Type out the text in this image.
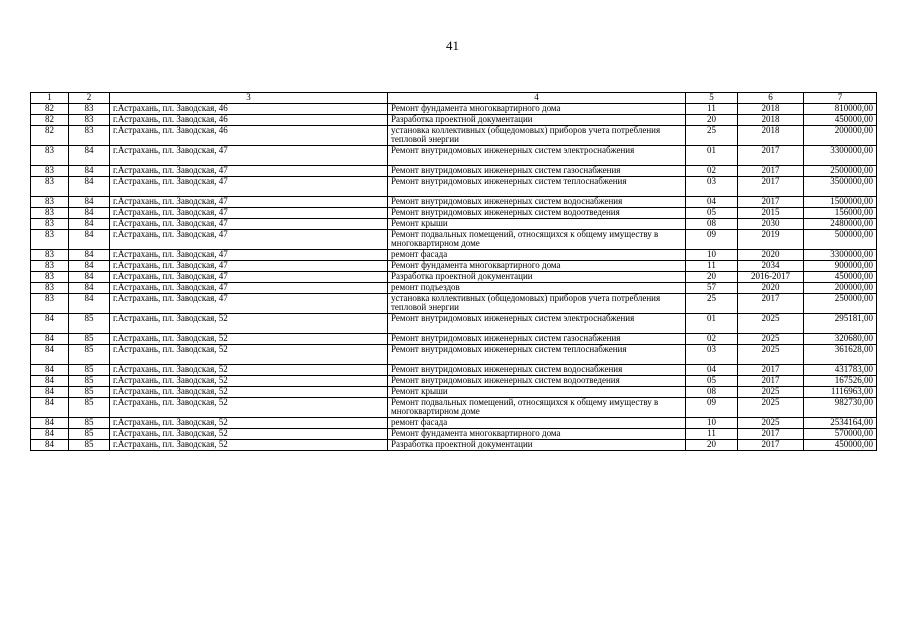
41
1	2	3	4	5	6	7
82	83	г.Астрахань, пл. Заводская, 46	Ремонт фундамента многоквартирного дома	11	2018	810000,00
82	83	г.Астрахань, пл. Заводская, 46	Разработка проектной документации	20	2018	450000,00
82	83	г.Астрахань, пл. Заводская, 46	установка коллективных (общедомовых) приборов учета потребления тепловой энергии	25	2018	200000,00
83	84	г.Астрахань, пл. Заводская, 47	Ремонт внутридомовых инженерных систем электроснабжения	01	2017	3300000,00
83	84	г.Астрахань, пл. Заводская, 47	Ремонт внутридомовых инженерных систем газоснабжения	02	2017	2500000,00
83	84	г.Астрахань, пл. Заводская, 47	Ремонт внутридомовых инженерных систем теплоснабжения	03	2017	3500000,00
83	84	г.Астрахань, пл. Заводская, 47	Ремонт внутридомовых инженерных систем водоснабжения	04	2017	1500000,00
83	84	г.Астрахань, пл. Заводская, 47	Ремонт внутридомовых инженерных систем водоотведения	05	2015	156000,00
83	84	г.Астрахань, пл. Заводская, 47	Ремонт крыши	08	2030	2480000,00
83	84	г.Астрахань, пл. Заводская, 47	Ремонт подвальных помещений, относящихся к общему имуществу в многоквартирном доме	09	2019	500000,00
83	84	г.Астрахань, пл. Заводская, 47	ремонт фасада	10	2020	3300000,00
83	84	г.Астрахань, пл. Заводская, 47	Ремонт фундамента многоквартирного дома	11	2034	900000,00
83	84	г.Астрахань, пл. Заводская, 47	Разработка проектной документации	20	2016-2017	450000,00
83	84	г.Астрахань, пл. Заводская, 47	ремонт подъездов	57	2020	200000,00
83	84	г.Астрахань, пл. Заводская, 47	установка коллективных (общедомовых) приборов учета потребления тепловой энергии	25	2017	250000,00
84	85	г.Астрахань, пл. Заводская, 52	Ремонт внутридомовых инженерных систем электроснабжения	01	2025	295181,00
84	85	г.Астрахань, пл. Заводская, 52	Ремонт внутридомовых инженерных систем газоснабжения	02	2025	320680,00
84	85	г.Астрахань, пл. Заводская, 52	Ремонт внутридомовых инженерных систем теплоснабжения	03	2025	361628,00
84	85	г.Астрахань, пл. Заводская, 52	Ремонт внутридомовых инженерных систем водоснабжения	04	2017	431783,00
84	85	г.Астрахань, пл. Заводская, 52	Ремонт внутридомовых инженерных систем водоотведения	05	2017	167526,00
84	85	г.Астрахань, пл. Заводская, 52	Ремонт крыши	08	2025	1116963,00
84	85	г.Астрахань, пл. Заводская, 52	Ремонт подвальных помещений, относящихся к общему имуществу в многоквартирном доме	09	2025	982730,00
84	85	г.Астрахань, пл. Заводская, 52	ремонт фасада	10	2025	2534164,00
84	85	г.Астрахань, пл. Заводская, 52	Ремонт фундамента многоквартирного дома	11	2017	570000,00
84	85	г.Астрахань, пл. Заводская, 52	Разработка проектной документации	20	2017	450000,00
